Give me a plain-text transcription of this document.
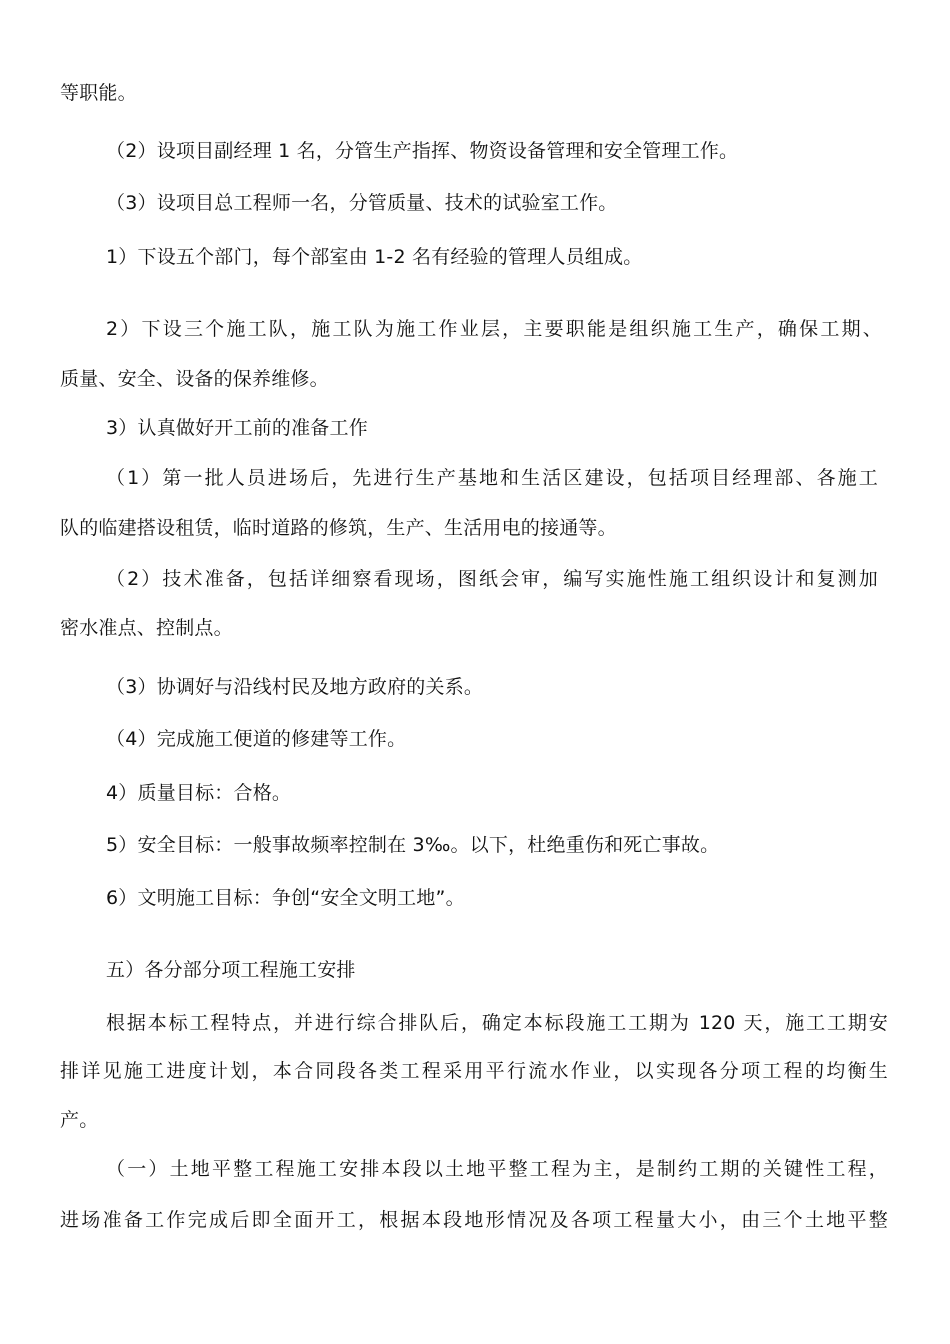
等职能。
（2）设项目副经理 1 名，分管生产指挥、物资设备管理和安全管理工作。
（3）设项目总工程师一名，分管质量、技术的试验室工作。
1）下设五个部门，每个部室由 1-2 名有经验的管理人员组成。
2）下设三个施工队，施工队为施工作业层，主要职能是组织施工生产，确保工期、
质量、安全、设备的保养维修。
3）认真做好开工前的准备工作
（1）第一批人员进场后，先进行生产基地和生活区建设，包括项目经理部、各施工
队的临建搭设租赁，临时道路的修筑，生产、生活用电的接通等。
（2）技术准备，包括详细察看现场，图纸会审，编写实施性施工组织设计和复测加
密水准点、控制点。
（3）协调好与沿线村民及地方政府的关系。
（4）完成施工便道的修建等工作。
4）质量目标：合格。
5）安全目标：一般事故频率控制在 3‰。以下，杜绝重伤和死亡事故。
6）文明施工目标：争创“安全文明工地”。
五）各分部分项工程施工安排
根据本标工程特点，并进行综合排队后，确定本标段施工工期为 120 天，施工工期安
排详见施工进度计划，本合同段各类工程采用平行流水作业，以实现各分项工程的均衡生
产。
（一）土地平整工程施工安排本段以土地平整工程为主，是制约工期的关键性工程，
进场准备工作完成后即全面开工，根据本段地形情况及各项工程量大小，由三个土地平整
